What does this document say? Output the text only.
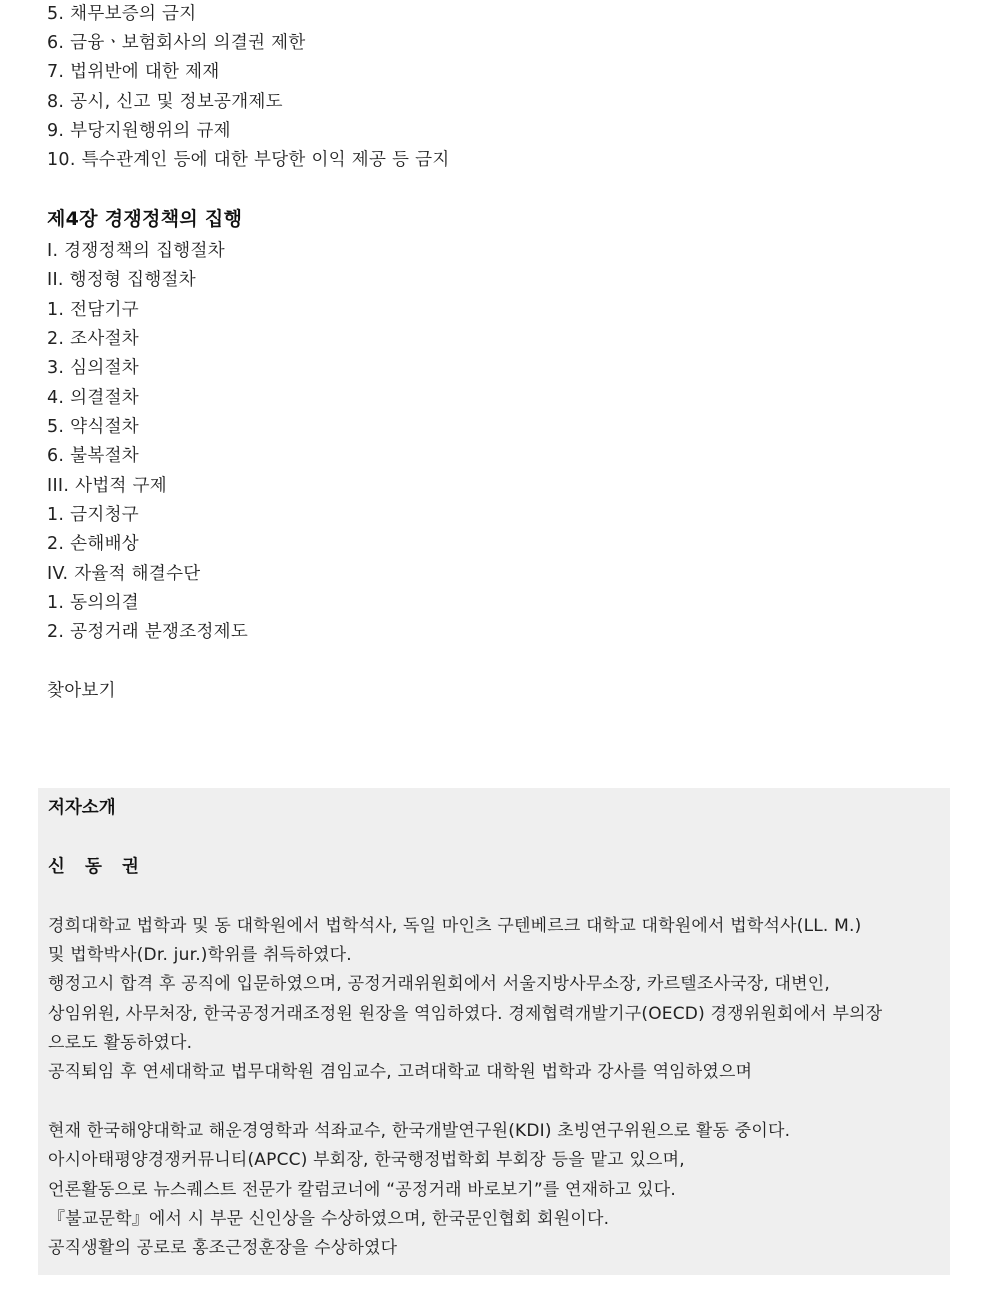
5. 채무보증의 금지
6. 금융ㆍ보험회사의 의결권 제한
7. 법위반에 대한 제재
8. 공시, 신고 및 정보공개제도
9. 부당지원행위의 규제
10. 특수관계인 등에 대한 부당한 이익 제공 등 금지
제4장 경쟁정책의 집행
I. 경쟁정책의 집행절차
II. 행정형 집행절차
1. 전담기구
2. 조사절차
3. 심의절차
4. 의결절차
5. 약식절차
6. 불복절차
III. 사법적 구제
1. 금지청구
2. 손해배상
IV. 자율적 해결수단
1. 동의의결
2. 공정거래 분쟁조정제도
찾아보기
저자소개
신 동 권
경희대학교 법학과 및 동 대학원에서 법학석사, 독일 마인츠 구텐베르크 대학교 대학원에서 법학석사(LL. M.)
및 법학박사(Dr. jur.)학위를 취득하였다.
행정고시 합격 후 공직에 입문하였으며, 공정거래위원회에서 서울지방사무소장, 카르텔조사국장, 대변인,
상임위원, 사무처장, 한국공정거래조정원 원장을 역임하였다. 경제협력개발기구(OECD) 경쟁위원회에서 부의장
으로도 활동하였다.
공직퇴임 후 연세대학교 법무대학원 겸임교수, 고려대학교 대학원 법학과 강사를 역임하였으며
현재 한국해양대학교 해운경영학과 석좌교수, 한국개발연구원(KDI) 초빙연구위원으로 활동 중이다.
아시아태평양경쟁커뮤니티(APCC) 부회장, 한국행정법학회 부회장 등을 맡고 있으며,
언론활동으로 뉴스퀘스트 전문가 칼럼코너에 “공정거래 바로보기”를 연재하고 있다.
『불교문학』에서 시 부문 신인상을 수상하였으며, 한국문인협회 회원이다.
공직생활의 공로로 홍조근정훈장을 수상하였다
